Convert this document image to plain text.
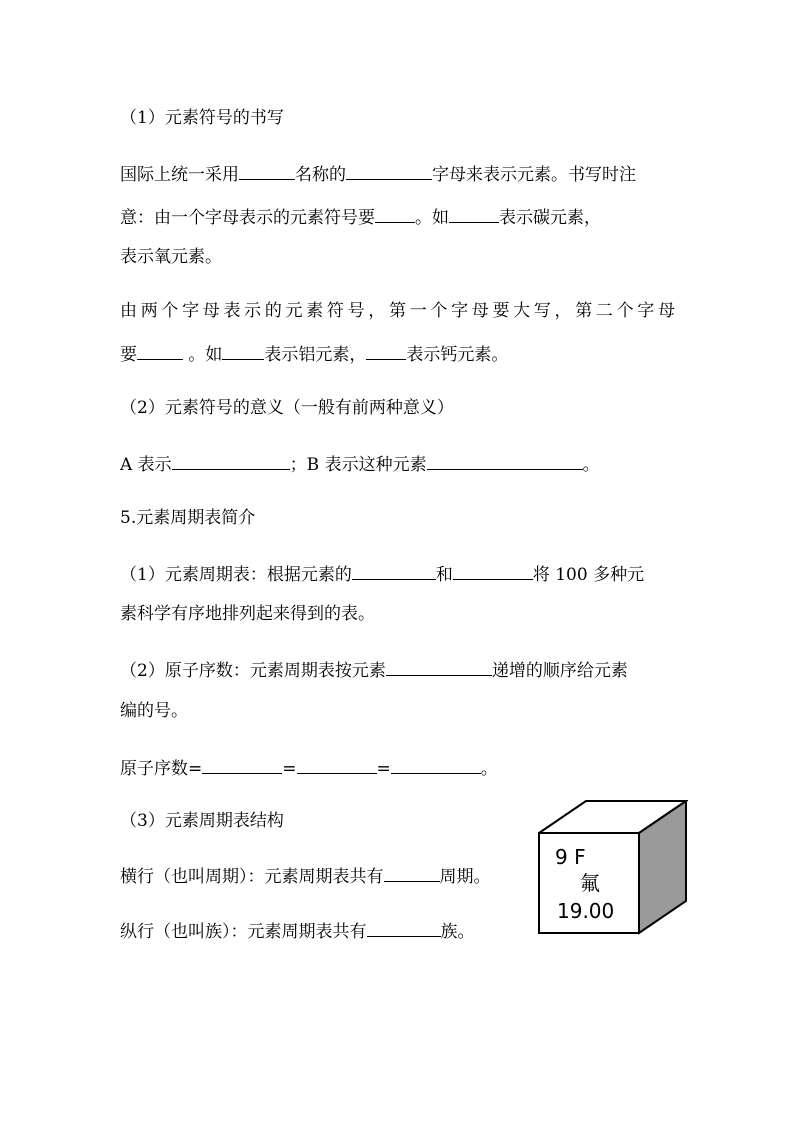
（1）元素符号的书写
国际上统一采用	名称的	字母来表示元素。书写时注
意：由一个字母表示的元素符号要 。如	表示碳元素，
表示氧元素。
由两个字母表示的元素符号，第一个字母要大写，第二个字母
要	。如 表示铝元素， 表示钙元素。
（2）元素符号的意义（一般有前两种意义）
A 表示	；B 表示这种元素	。
5.元素周期表简介
（1）元素周期表：根据元素的	和	将 100 多种元
素科学有序地排列起来得到的表。
（2）原子序数：元素周期表按元素	递增的顺序给元素
编的号。
原子序数=	=	=	。
（3）元素周期表结构
横行（也叫周期）：元素周期表共有	周期。
纵行（也叫族）：元素周期表共有	族。
9 F
氟
19.00
